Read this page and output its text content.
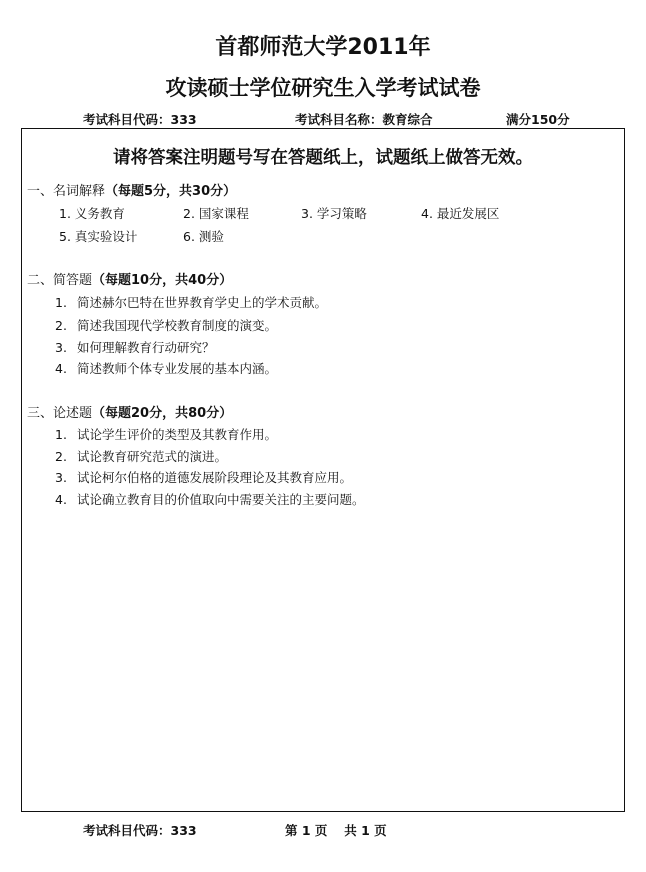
首都师范大学2011年
攻读硕士学位研究生入学考试试卷
考试科目代码：333	考试科目名称：教育综合	满分150分
请将答案注明题号写在答题纸上，试题纸上做答无效。
一、名词解释（每题5分，共30分）
1. 义务教育	2. 国家课程	3. 学习策略	4. 最近发展区
5. 真实验设计	6. 测验
二、简答题（每题10分，共40分）
1. 简述赫尔巴特在世界教育学史上的学术贡献。
2. 简述我国现代学校教育制度的演变。
3. 如何理解教育行动研究？
4. 简述教师个体专业发展的基本内涵。
三、论述题（每题20分，共80分）
1. 试论学生评价的类型及其教育作用。
2. 试论教育研究范式的演进。
3. 试论柯尔伯格的道德发展阶段理论及其教育应用。
4. 试论确立教育目的价值取向中需要关注的主要问题。
考试科目代码：333	第 1 页　 共 1 页
